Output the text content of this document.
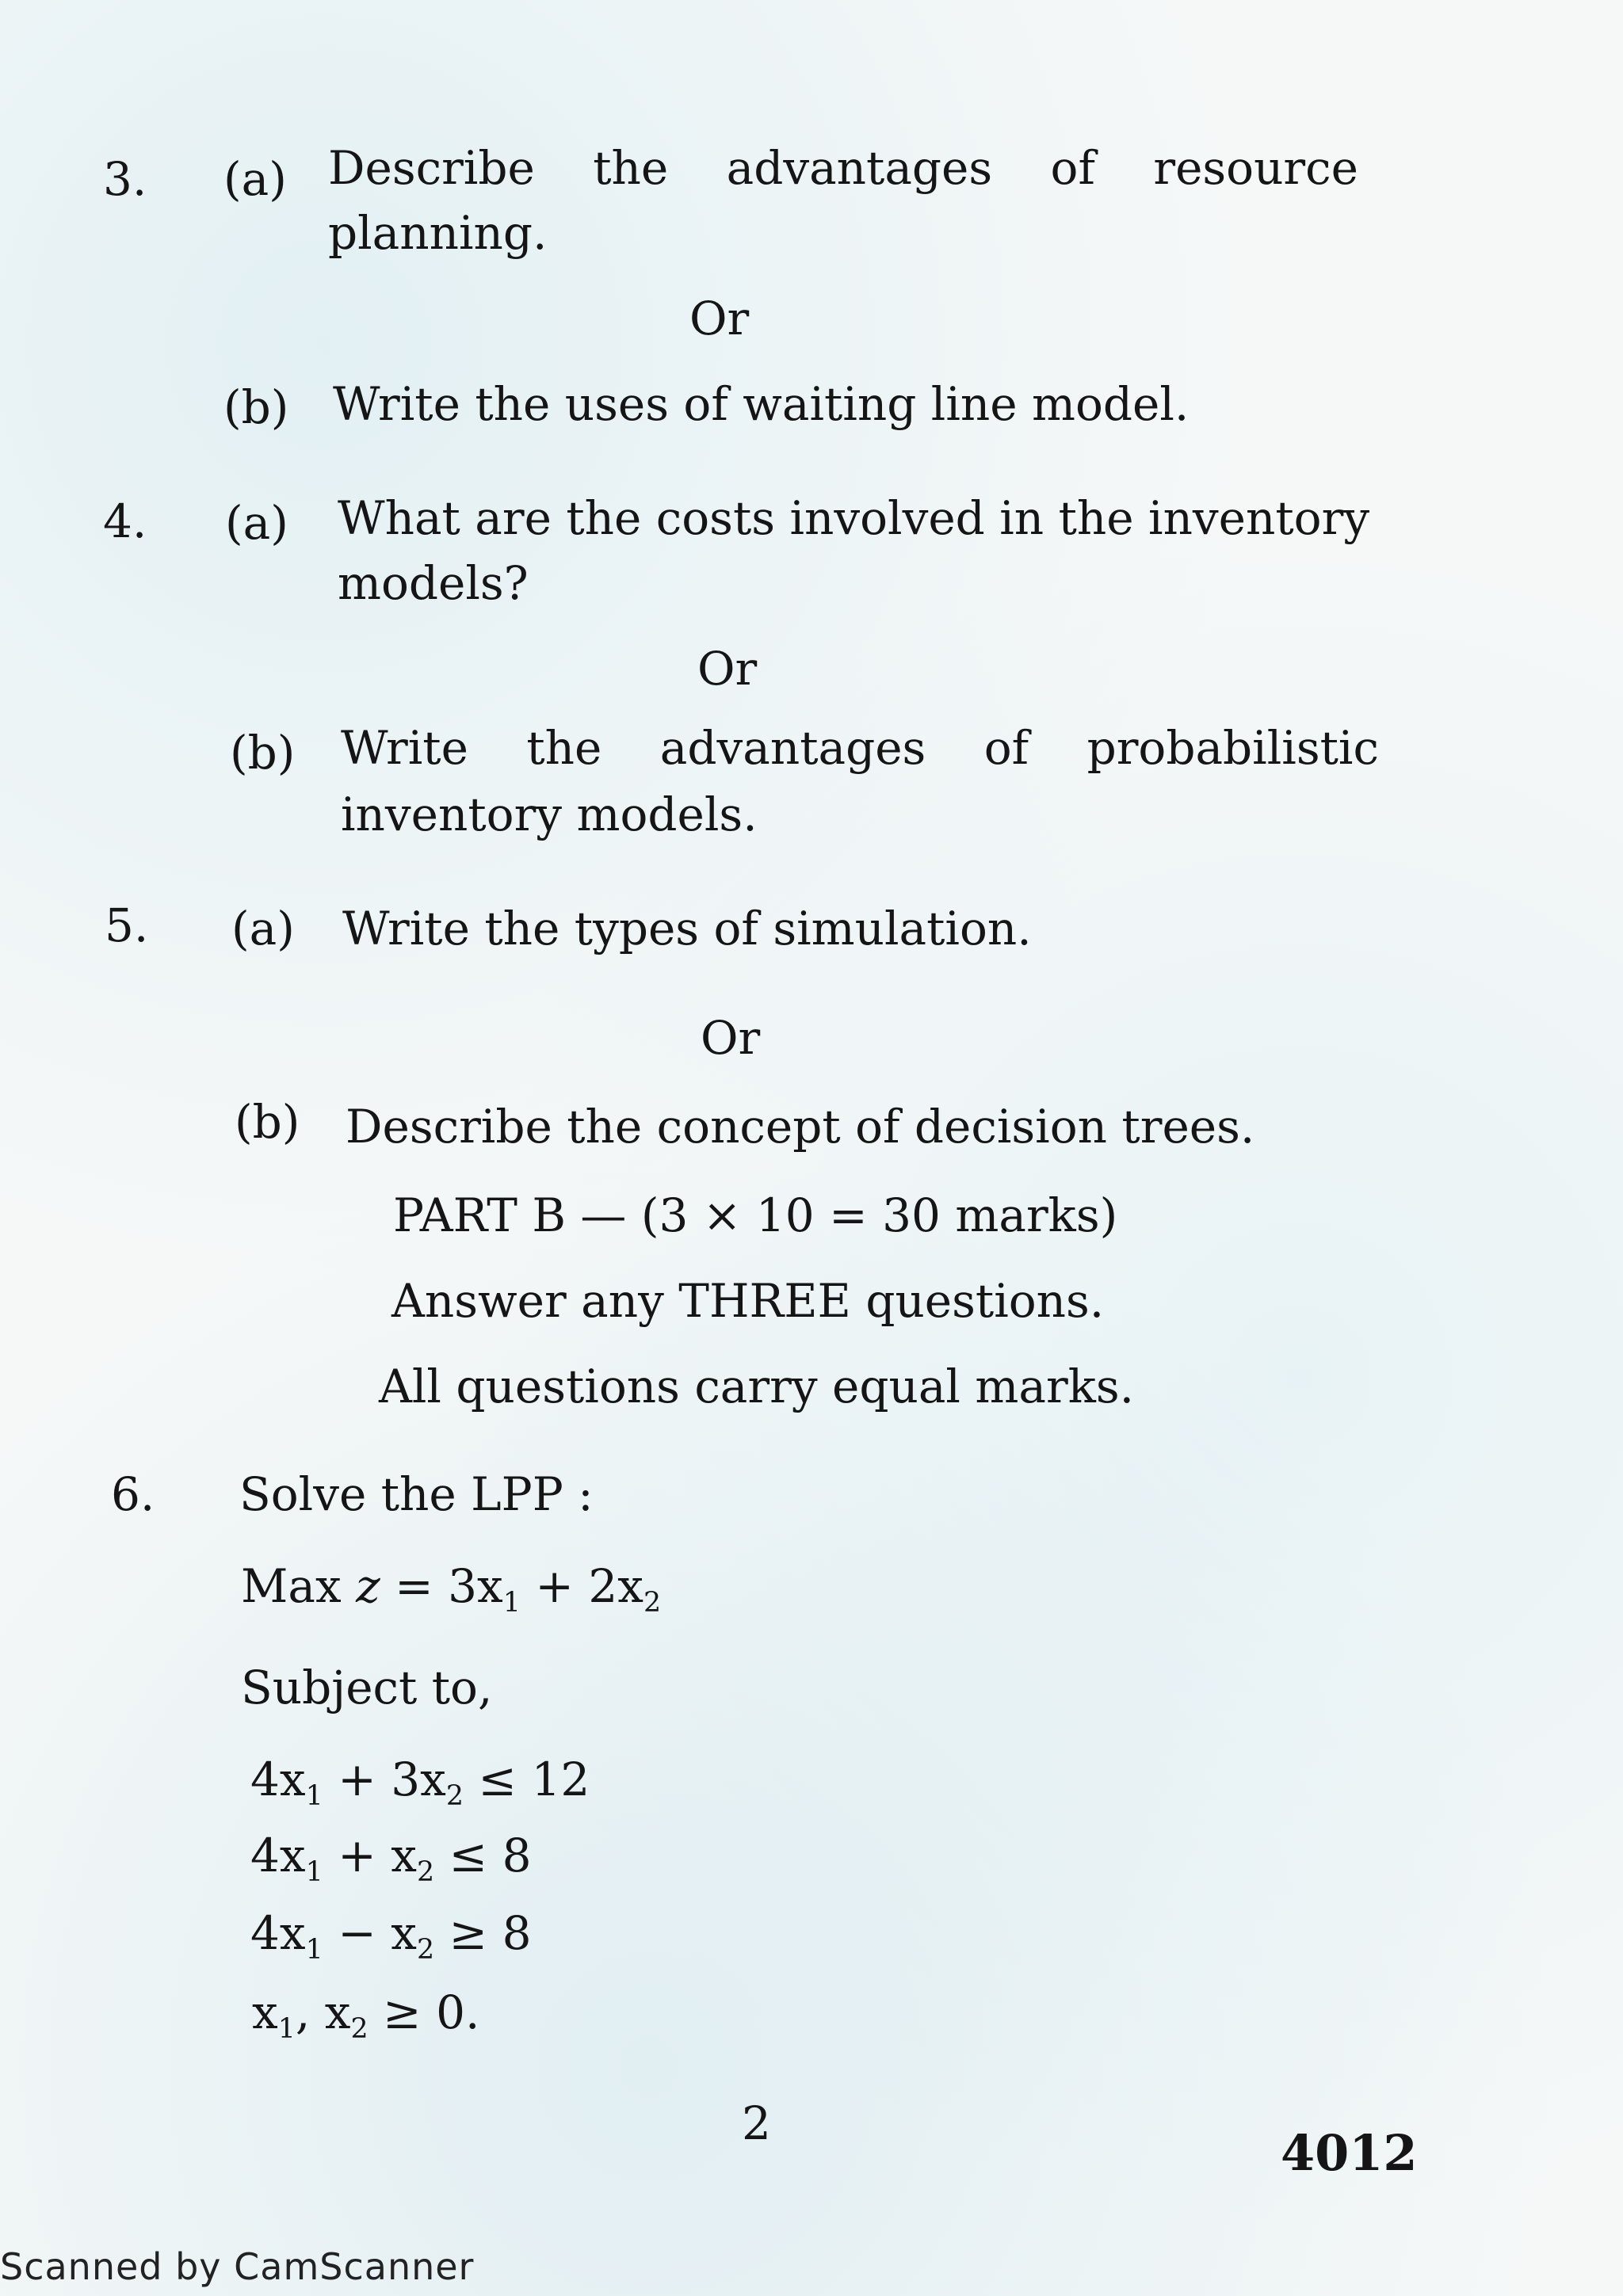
3. (a) Describe the advantages of resource
planning.
Or
(b) Write the uses of waiting line model.
4. (a) What are the costs involved in the inventory
models?
Or
(b) Write the advantages of probabilistic
inventory models.
5. (a) Write the types of simulation.
Or
(b) Describe the concept of decision trees.
PART B — (3 × 10 = 30 marks)
Answer any THREE questions.
All questions carry equal marks.
6. Solve the LPP :
Max $z = 3x_1 + 2x_2$
Subject to,
$4x_1 + 3x_2 \le 12$
$4x_1 + x_2 \le 8$
$4x_1 - x_2 \ge 8$
$x_1$, $x_2 \ge 0$.
2
4012
Scanned by CamScanner
